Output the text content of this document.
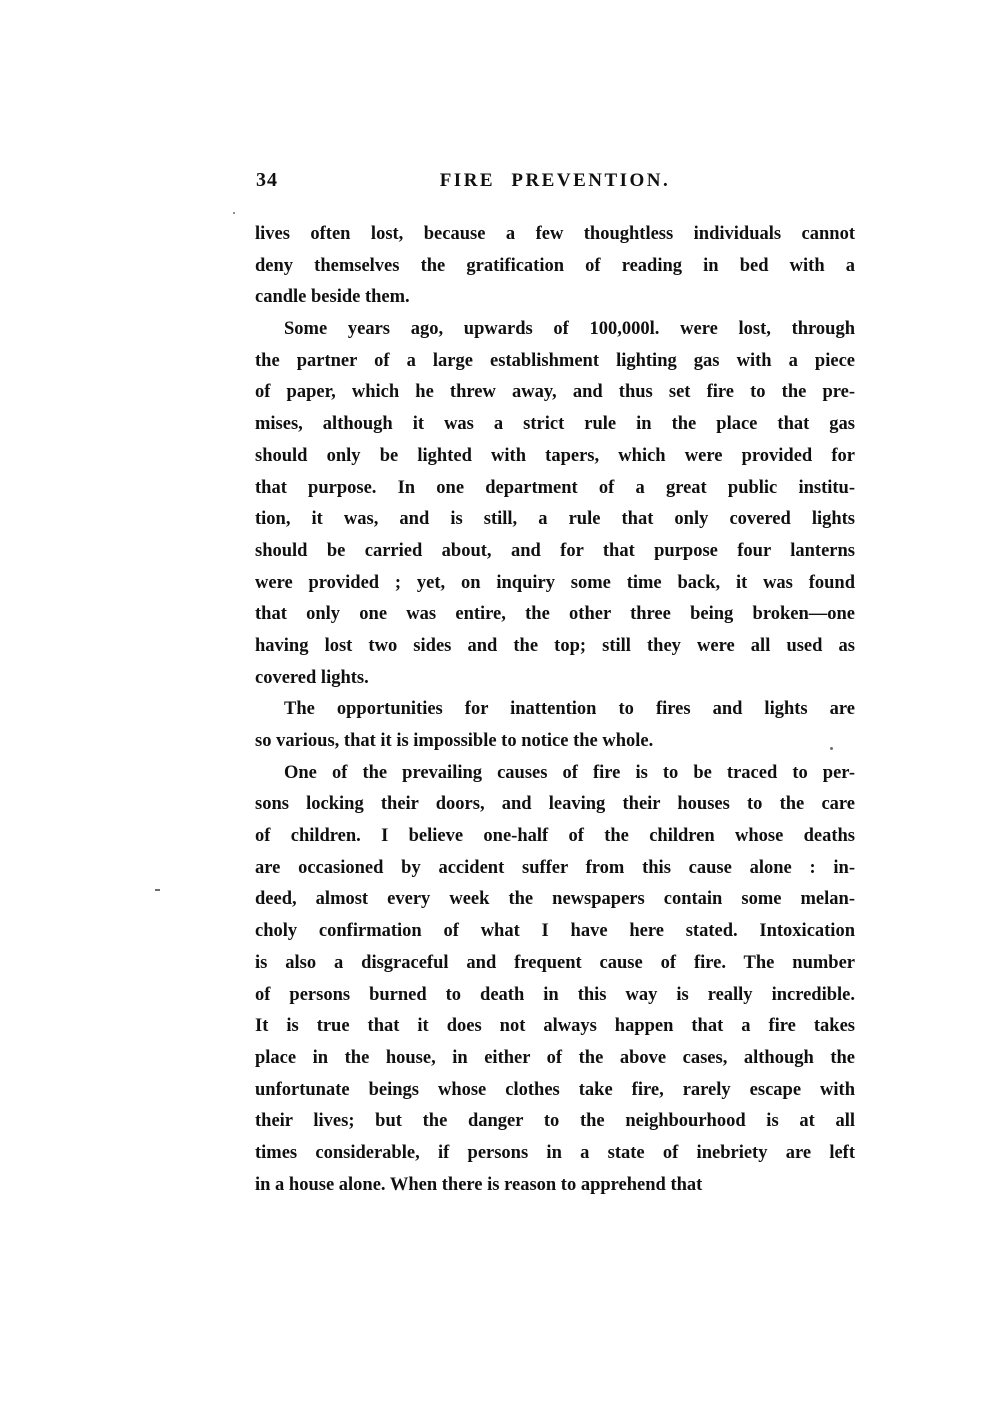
34	FIRE PREVENTION.
lives often lost, because a few thoughtless individuals cannot
deny themselves the gratification of reading in bed with a
candle beside them.
Some years ago, upwards of 100,000l. were lost, through
the partner of a large establishment lighting gas with a piece
of paper, which he threw away, and thus set fire to the pre-
mises, although it was a strict rule in the place that gas
should only be lighted with tapers, which were provided for
that purpose. In one department of a great public institu-
tion, it was, and is still, a rule that only covered lights
should be carried about, and for that purpose four lanterns
were provided ; yet, on inquiry some time back, it was found
that only one was entire, the other three being broken—one
having lost two sides and the top; still they were all used as
covered lights.
The opportunities for inattention to fires and lights are
so various, that it is impossible to notice the whole.
One of the prevailing causes of fire is to be traced to per-
sons locking their doors, and leaving their houses to the care
of children. I believe one-half of the children whose deaths
are occasioned by accident suffer from this cause alone : in-
deed, almost every week the newspapers contain some melan-
choly confirmation of what I have here stated. Intoxication
is also a disgraceful and frequent cause of fire. The number
of persons burned to death in this way is really incredible.
It is true that it does not always happen that a fire takes
place in the house, in either of the above cases, although the
unfortunate beings whose clothes take fire, rarely escape with
their lives; but the danger to the neighbourhood is at all
times considerable, if persons in a state of inebriety are left
in a house alone. When there is reason to apprehend that
